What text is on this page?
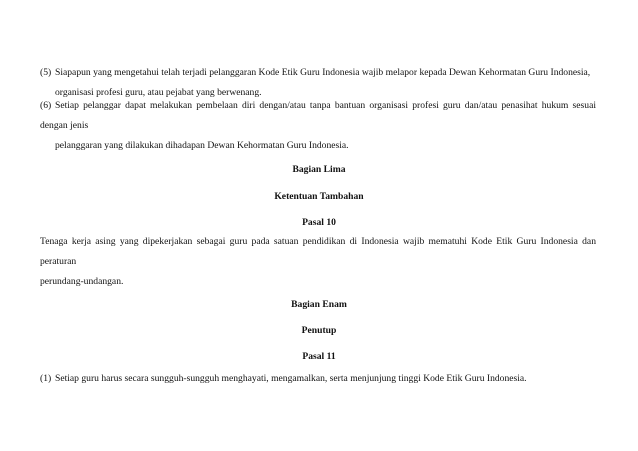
(5) Siapapun yang mengetahui telah terjadi pelanggaran Kode Etik Guru Indonesia wajib melapor kepada Dewan Kehormatan Guru Indonesia,
organisasi profesi guru, atau pejabat yang berwenang.
(6) Setiap pelanggar dapat melakukan pembelaan diri dengan/atau tanpa bantuan organisasi profesi guru dan/atau penasihat hukum sesuai dengan jenis
pelanggaran yang dilakukan dihadapan Dewan Kehormatan Guru Indonesia.

Bagian Lima

Ketentuan Tambahan

Pasal 10

Tenaga kerja asing yang dipekerjakan sebagai guru pada satuan pendidikan di Indonesia wajib mematuhi Kode Etik Guru Indonesia dan peraturan
perundang-undangan.

Bagian Enam

Penutup

Pasal 11

(1) Setiap guru harus secara sungguh-sungguh menghayati, mengamalkan, serta menjunjung tinggi Kode Etik Guru Indonesia.
